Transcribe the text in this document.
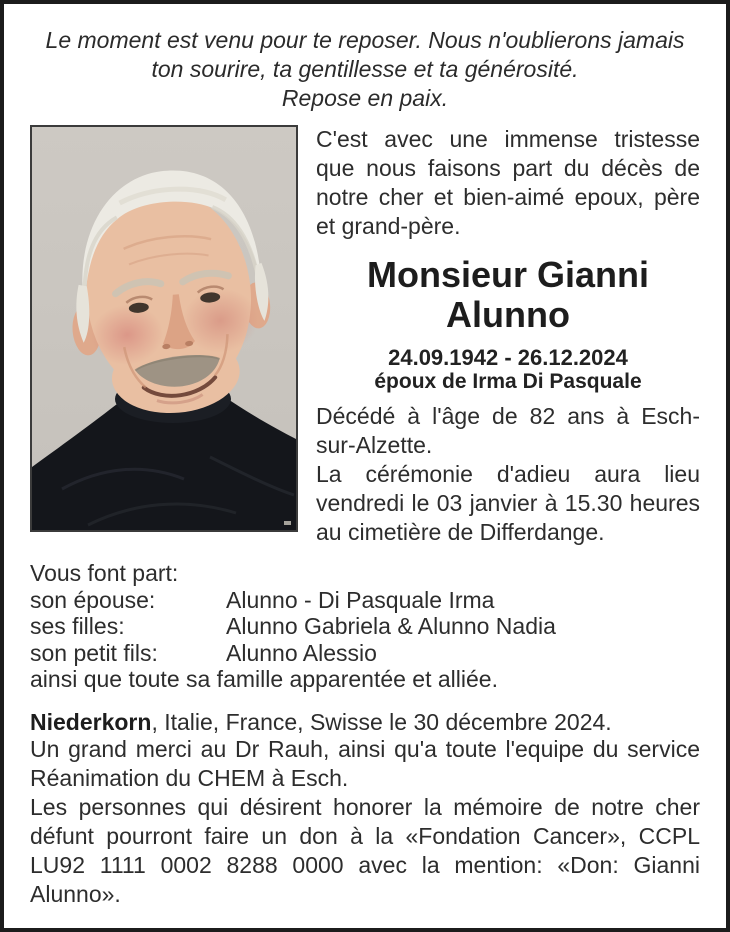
Le moment est venu pour te reposer. Nous n'oublierons jamais
ton sourire, ta gentillesse et ta générosité.
Repose en paix.

C'est avec une immense tristesse que nous faisons part du décès de notre cher et bien-aimé epoux, père et grand-père.

Monsieur Gianni Alunno
24.09.1942 - 26.12.2024
époux de Irma Di Pasquale

Décédé à l'âge de 82 ans à Esch-sur-Alzette.

La cérémonie d'adieu aura lieu vendredi le 03 janvier à 15.30 heures au cimetière de Differdange.

Vous font part:
son épouse:	Alunno - Di Pasquale Irma
ses filles:	Alunno Gabriela & Alunno Nadia
son petit fils:	Alunno Alessio
ainsi que toute sa famille apparentée et alliée.

Niederkorn, Italie, France, Swisse le 30 décembre 2024.

Un grand merci au Dr Rauh, ainsi qu'a toute l'equipe du service Réanimation du CHEM à Esch.

Les personnes qui désirent honorer la mémoire de notre cher défunt pourront faire un don à la «Fondation Cancer», CCPL LU92 1111 0002 8288 0000 avec la mention: «Don: Gianni Alunno».
